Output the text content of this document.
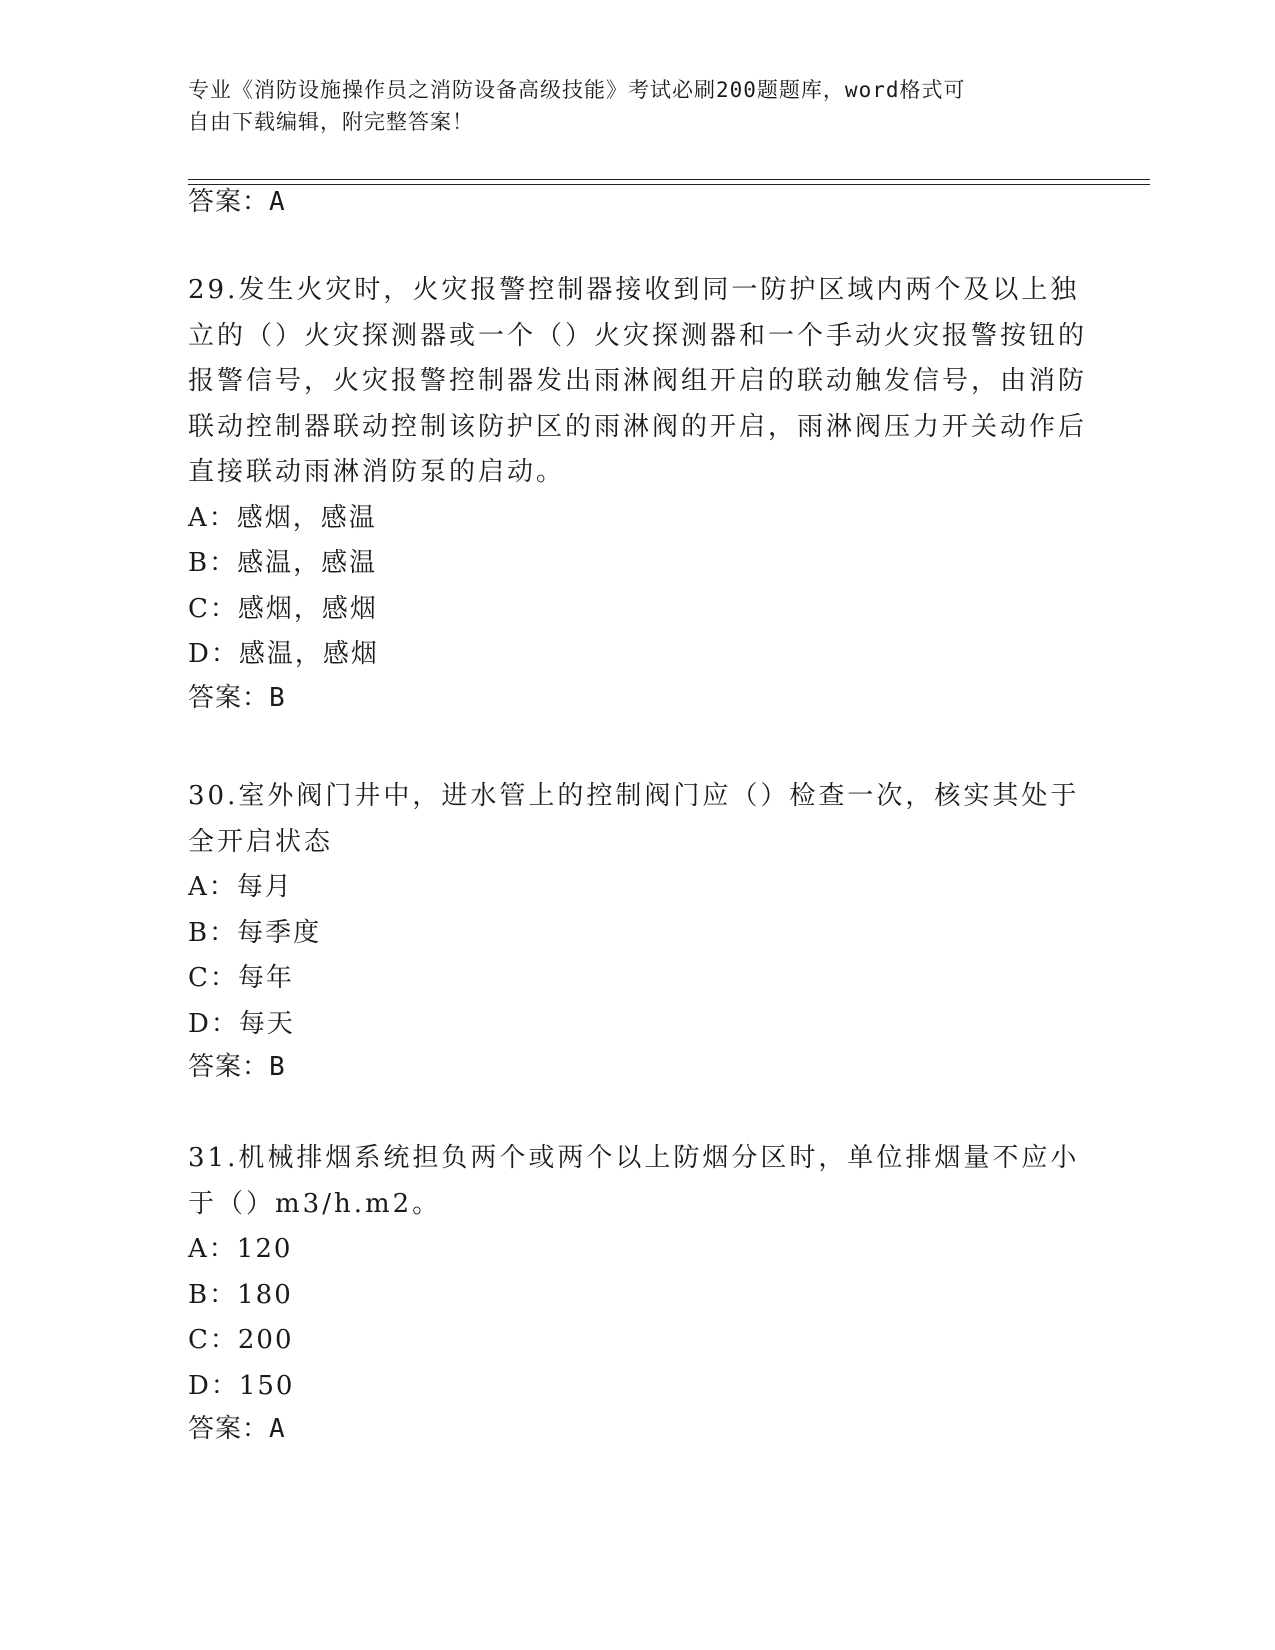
专业《消防设施操作员之消防设备高级技能》考试必刷200题题库，word格式可
自由下载编辑，附完整答案！
答案：A

29.发生火灾时，火灾报警控制器接收到同一防护区域内两个及以上独立的（）火灾探测器或一个（）火灾探测器和一个手动火灾报警按钮的报警信号，火灾报警控制器发出雨淋阀组开启的联动触发信号，由消防联动控制器联动控制该防护区的雨淋阀的开启，雨淋阀压力开关动作后直接联动雨淋消防泵的启动。

A：感烟，感温

B：感温，感温

C：感烟，感烟

D：感温，感烟

答案：B

30.室外阀门井中，进水管上的控制阀门应（）检查一次，核实其处于全开启状态

A：每月

B：每季度

C：每年

D：每天

答案：B

31.机械排烟系统担负两个或两个以上防烟分区时，单位排烟量不应小于（）m3/h.m2。

A：120

B：180

C：200

D：150

答案：A
